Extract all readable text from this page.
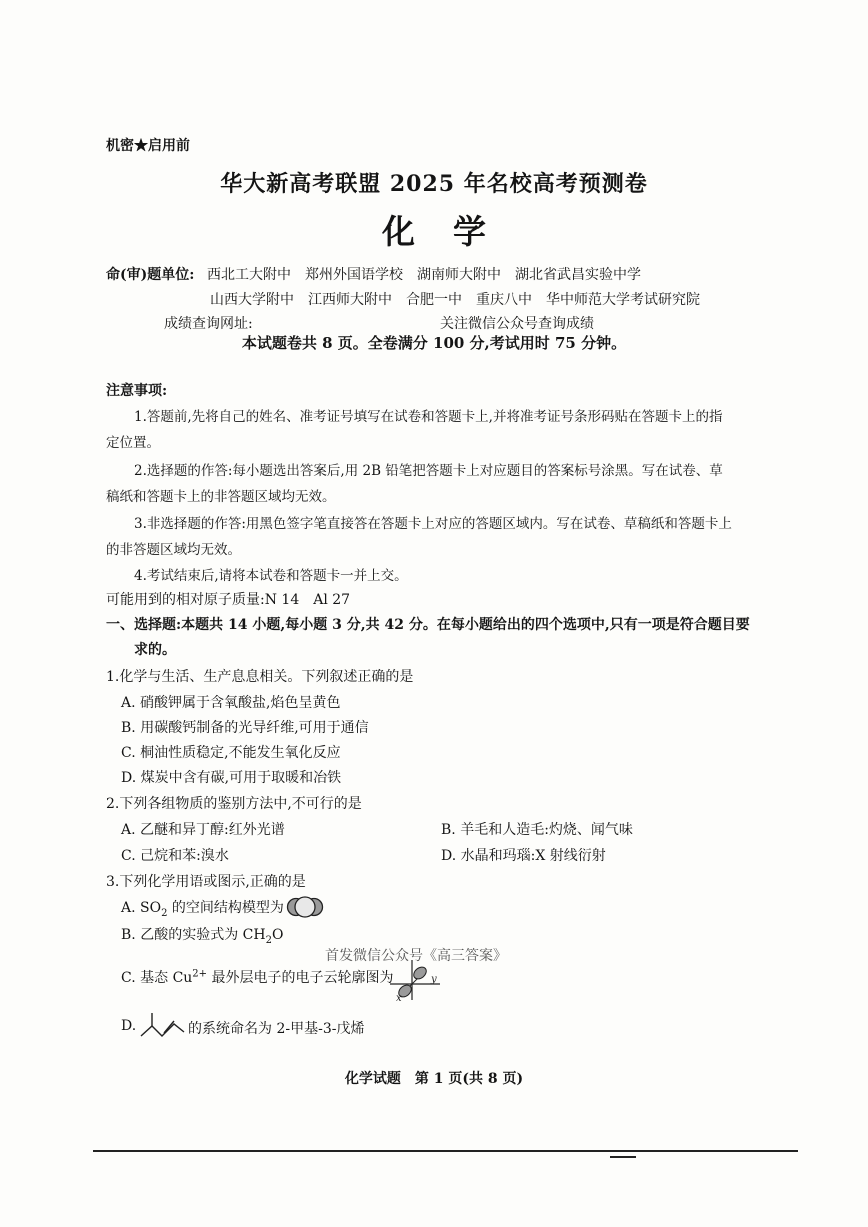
机密★启用前
华大新高考联盟 2025 年名校高考预测卷
化学
命(审)题单位: 西北工大附中　郑州外国语学校　湖南师大附中　湖北省武昌实验中学
山西大学附中　江西师大附中　合肥一中　重庆八中　华中师范大学考试研究院
成绩查询网址:	关注微信公众号查询成绩
本试题卷共 8 页。全卷满分 100 分,考试用时 75 分钟。
注意事项:
1.答题前,先将自己的姓名、准考证号填写在试卷和答题卡上,并将准考证号条形码贴在答题卡上的指
定位置。
2.选择题的作答:每小题选出答案后,用 2B 铅笔把答题卡上对应题目的答案标号涂黑。写在试卷、草
稿纸和答题卡上的非答题区域均无效。
3.非选择题的作答:用黑色签字笔直接答在答题卡上对应的答题区域内。写在试卷、草稿纸和答题卡上
的非答题区域均无效。
4.考试结束后,请将本试卷和答题卡一并上交。
可能用到的相对原子质量:N 14　Al 27
一、选择题:本题共 14 小题,每小题 3 分,共 42 分。在每小题给出的四个选项中,只有一项是符合题目要
求的。
1.化学与生活、生产息息相关。下列叙述正确的是
A. 硝酸钾属于含氧酸盐,焰色呈黄色
B. 用碳酸钙制备的光导纤维,可用于通信
C. 桐油性质稳定,不能发生氧化反应
D. 煤炭中含有碳,可用于取暖和冶铁
2.下列各组物质的鉴别方法中,不可行的是
A. 乙醚和异丁醇:红外光谱	B. 羊毛和人造毛:灼烧、闻气味
C. 己烷和苯:溴水	D. 水晶和玛瑙:X 射线衍射
3.下列化学用语或图示,正确的是
A. $SO_2$ 的空间结构模型为
B. 乙酸的实验式为 $CH_2O$
首发微信公众号《高三答案》
C. 基态 $Cu^{2+}$ 最外层电子的电子云轮廓图为
x
y
D.	的系统命名为 2-甲基-3-戊烯
化学试题　第 1 页(共 8 页)
